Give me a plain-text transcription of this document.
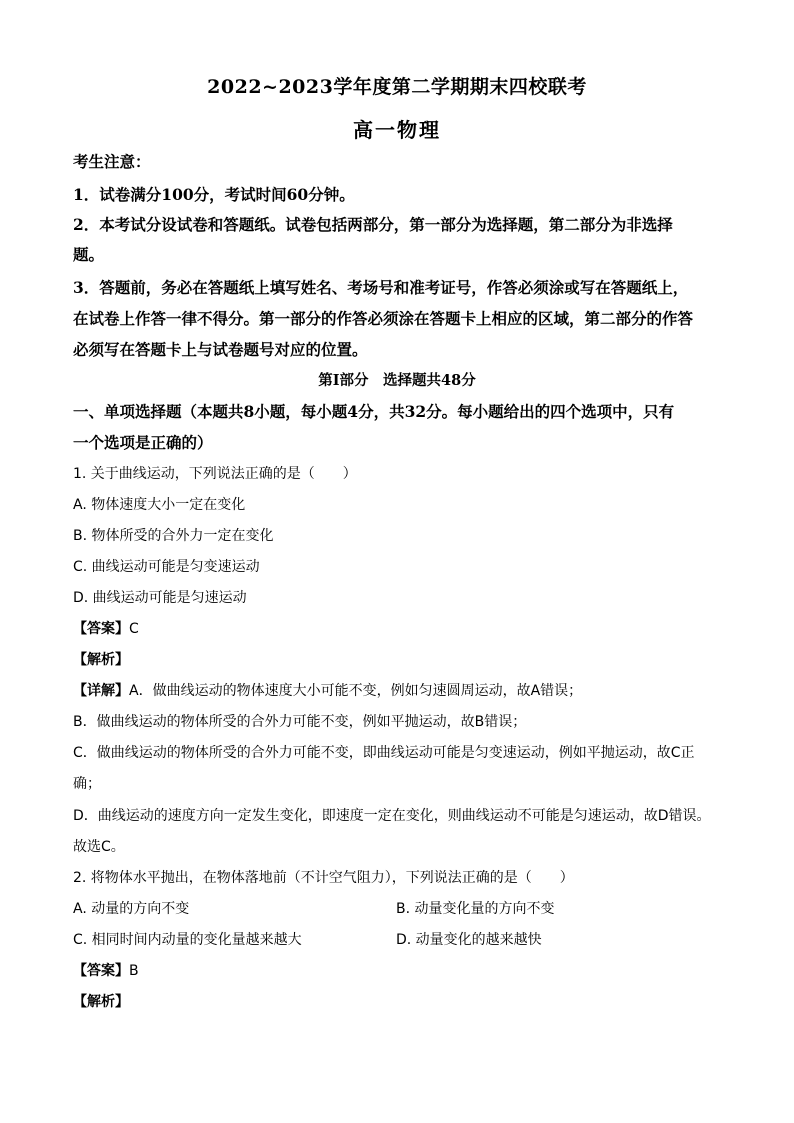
2022~2023学年度第二学期期末四校联考
高一物理
考生注意：
1．试卷满分100分，考试时间60分钟。
2．本考试分设试卷和答题纸。试卷包括两部分，第一部分为选择题，第二部分为非选择
题。
3．答题前，务必在答题纸上填写姓名、考场号和准考证号，作答必须涂或写在答题纸上，
在试卷上作答一律不得分。第一部分的作答必须涂在答题卡上相应的区域，第二部分的作答
必须写在答题卡上与试卷题号对应的位置。
第I部分　选择题共48分
一、单项选择题（本题共8小题，每小题4分，共32分。每小题给出的四个选项中，只有
一个选项是正确的）
1. 关于曲线运动，下列说法正确的是（　　）
A. 物体速度大小一定在变化
B. 物体所受的合外力一定在变化
C. 曲线运动可能是匀变速运动
D. 曲线运动可能是匀速运动
【答案】C
【解析】
【详解】A．做曲线运动的物体速度大小可能不变，例如匀速圆周运动，故A错误；
B．做曲线运动的物体所受的合外力可能不变，例如平抛运动，故B错误；
C．做曲线运动的物体所受的合外力可能不变，即曲线运动可能是匀变速运动，例如平抛运动，故C正
确；
D．曲线运动的速度方向一定发生变化，即速度一定在变化，则曲线运动不可能是匀速运动，故D错误。
故选C。
2. 将物体水平抛出，在物体落地前（不计空气阻力），下列说法正确的是（　　）
A. 动量的方向不变	B. 动量变化量的方向不变
C. 相同时间内动量的变化量越来越大	D. 动量变化的越来越快
【答案】B
【解析】
